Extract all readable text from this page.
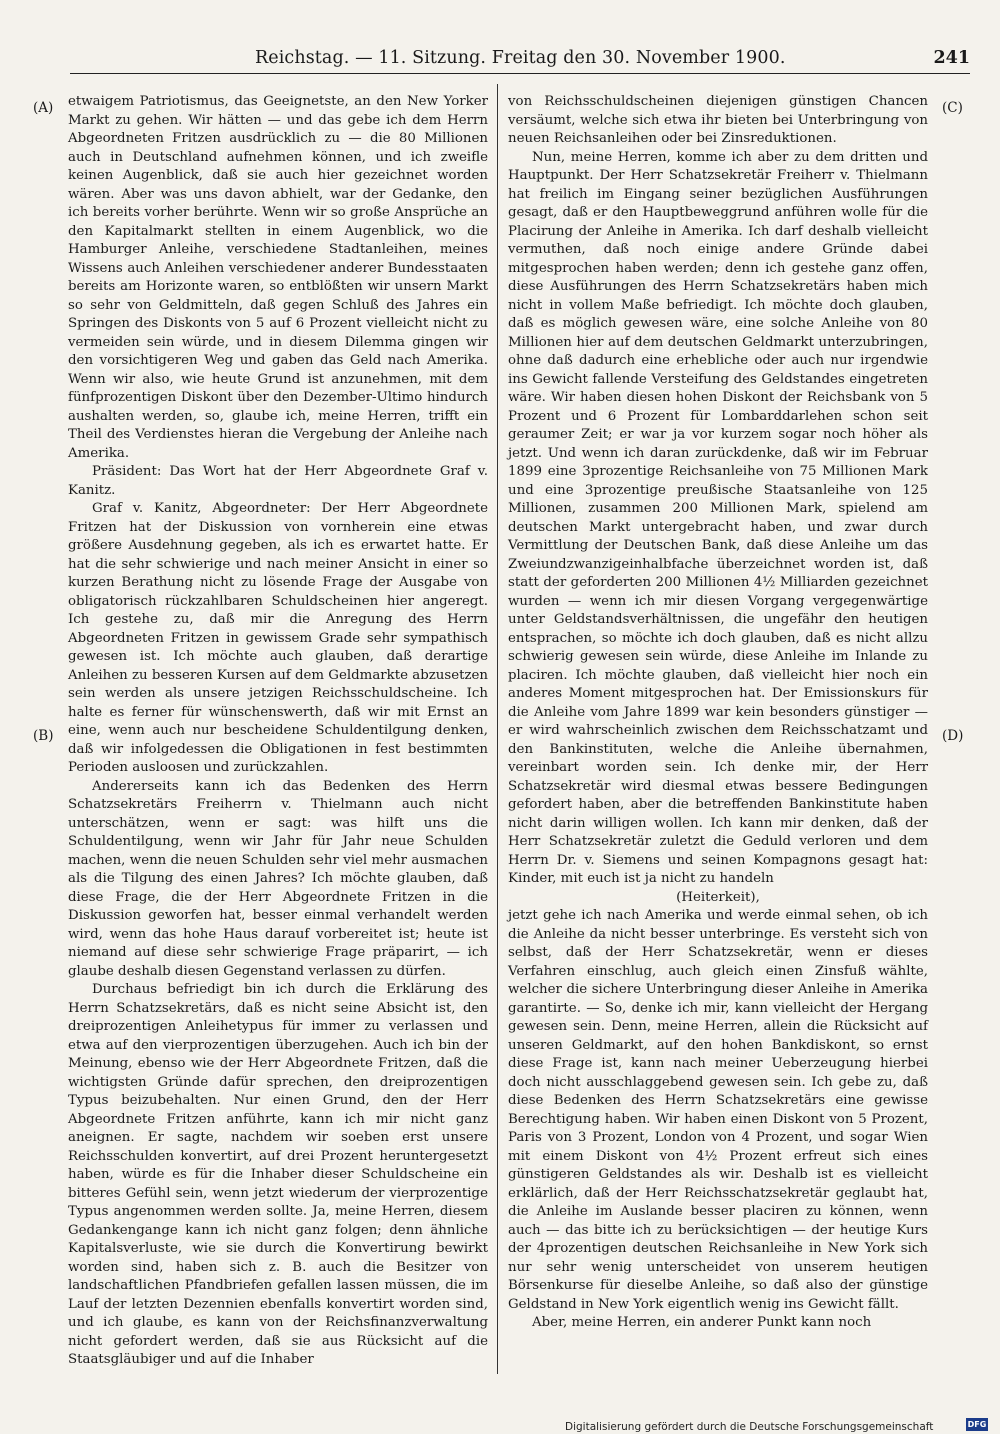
Reichstag. — 11. Sitzung. Freitag den 30. November 1900.	241
(A)
(B)
(C)
(D)

etwaigem Patriotismus, das Geeignetste, an den New Yorker Markt zu gehen. Wir hätten — und das gebe ich dem Herrn Abgeordneten Fritzen ausdrücklich zu — die 80 Millionen auch in Deutschland aufnehmen können, und ich zweifle keinen Augenblick, daß sie auch hier gezeichnet worden wären. Aber was uns davon abhielt, war der Gedanke, den ich bereits vorher berührte. Wenn wir so große Ansprüche an den Kapitalmarkt stellten in einem Augenblick, wo die Hamburger Anleihe, verschiedene Stadtanleihen, meines Wissens auch Anleihen verschiedener anderer Bundesstaaten bereits am Horizonte waren, so entblößten wir unsern Markt so sehr von Geldmitteln, daß gegen Schluß des Jahres ein Springen des Diskonts von 5 auf 6 Prozent vielleicht nicht zu vermeiden sein würde, und in diesem Dilemma gingen wir den vorsichtigeren Weg und gaben das Geld nach Amerika. Wenn wir also, wie heute Grund ist anzunehmen, mit dem fünfprozentigen Diskont über den Dezember-Ultimo hindurch aushalten werden, so, glaube ich, meine Herren, trifft ein Theil des Verdienstes hieran die Vergebung der Anleihe nach Amerika.

Präsident: Das Wort hat der Herr Abgeordnete Graf v. Kanitz.

Graf v. Kanitz, Abgeordneter: Der Herr Abgeordnete Fritzen hat der Diskussion von vornherein eine etwas größere Ausdehnung gegeben, als ich es erwartet hatte. Er hat die sehr schwierige und nach meiner Ansicht in einer so kurzen Berathung nicht zu lösende Frage der Ausgabe von obligatorisch rückzahlbaren Schuldscheinen hier angeregt. Ich gestehe zu, daß mir die Anregung des Herrn Abgeordneten Fritzen in gewissem Grade sehr sympathisch gewesen ist. Ich möchte auch glauben, daß derartige Anleihen zu besseren Kursen auf dem Geldmarkte abzusetzen sein werden als unsere jetzigen Reichsschuldscheine. Ich halte es ferner für wünschenswerth, daß wir mit Ernst an eine, wenn auch nur bescheidene Schuldentilgung denken, daß wir infolgedessen die Obligationen in fest bestimmten Perioden ausloosen und zurückzahlen.

Andererseits kann ich das Bedenken des Herrn Schatzsekretärs Freiherrn v. Thielmann auch nicht unterschätzen, wenn er sagt: was hilft uns die Schuldentilgung, wenn wir Jahr für Jahr neue Schulden machen, wenn die neuen Schulden sehr viel mehr ausmachen als die Tilgung des einen Jahres? Ich möchte glauben, daß diese Frage, die der Herr Abgeordnete Fritzen in die Diskussion geworfen hat, besser einmal verhandelt werden wird, wenn das hohe Haus darauf vorbereitet ist; heute ist niemand auf diese sehr schwierige Frage präparirt, — ich glaube deshalb diesen Gegenstand verlassen zu dürfen.

Durchaus befriedigt bin ich durch die Erklärung des Herrn Schatzsekretärs, daß es nicht seine Absicht ist, den dreiprozentigen Anleihetypus für immer zu verlassen und etwa auf den vierprozentigen überzugehen. Auch ich bin der Meinung, ebenso wie der Herr Abgeordnete Fritzen, daß die wichtigsten Gründe dafür sprechen, den dreiprozentigen Typus beizubehalten. Nur einen Grund, den der Herr Abgeordnete Fritzen anführte, kann ich mir nicht ganz aneignen. Er sagte, nachdem wir soeben erst unsere Reichsschulden konvertirt, auf drei Prozent heruntergesetzt haben, würde es für die Inhaber dieser Schuldscheine ein bitteres Gefühl sein, wenn jetzt wiederum der vierprozentige Typus angenommen werden sollte. Ja, meine Herren, diesem Gedankengange kann ich nicht ganz folgen; denn ähnliche Kapitalsverluste, wie sie durch die Konvertirung bewirkt worden sind, haben sich z. B. auch die Besitzer von landschaftlichen Pfandbriefen gefallen lassen müssen, die im Lauf der letzten Dezennien ebenfalls konvertirt worden sind, und ich glaube, es kann von der Reichsfinanzverwaltung nicht gefordert werden, daß sie aus Rücksicht auf die Staatsgläubiger und auf die Inhaber

von Reichsschuldscheinen diejenigen günstigen Chancen versäumt, welche sich etwa ihr bieten bei Unterbringung von neuen Reichsanleihen oder bei Zinsreduktionen.

Nun, meine Herren, komme ich aber zu dem dritten und Hauptpunkt. Der Herr Schatzsekretär Freiherr v. Thielmann hat freilich im Eingang seiner bezüglichen Ausführungen gesagt, daß er den Hauptbeweggrund anführen wolle für die Placirung der Anleihe in Amerika. Ich darf deshalb vielleicht vermuthen, daß noch einige andere Gründe dabei mitgesprochen haben werden; denn ich gestehe ganz offen, diese Ausführungen des Herrn Schatzsekretärs haben mich nicht in vollem Maße befriedigt. Ich möchte doch glauben, daß es möglich gewesen wäre, eine solche Anleihe von 80 Millionen hier auf dem deutschen Geldmarkt unterzubringen, ohne daß dadurch eine erhebliche oder auch nur irgendwie ins Gewicht fallende Versteifung des Geldstandes eingetreten wäre. Wir haben diesen hohen Diskont der Reichsbank von 5 Prozent und 6 Prozent für Lombarddarlehen schon seit geraumer Zeit; er war ja vor kurzem sogar noch höher als jetzt. Und wenn ich daran zurückdenke, daß wir im Februar 1899 eine 3prozentige Reichsanleihe von 75 Millionen Mark und eine 3prozentige preußische Staatsanleihe von 125 Millionen, zusammen 200 Millionen Mark, spielend am deutschen Markt untergebracht haben, und zwar durch Vermittlung der Deutschen Bank, daß diese Anleihe um das Zweiundzwanzigeinhalbfache überzeichnet worden ist, daß statt der geforderten 200 Millionen 4½ Milliarden gezeichnet wurden — wenn ich mir diesen Vorgang vergegenwärtige unter Geldstandsverhältnissen, die ungefähr den heutigen entsprachen, so möchte ich doch glauben, daß es nicht allzu schwierig gewesen sein würde, diese Anleihe im Inlande zu placiren. Ich möchte glauben, daß vielleicht hier noch ein anderes Moment mitgesprochen hat. Der Emissionskurs für die Anleihe vom Jahre 1899 war kein besonders günstiger — er wird wahrscheinlich zwischen dem Reichsschatzamt und den Bankinstituten, welche die Anleihe übernahmen, vereinbart worden sein. Ich denke mir, der Herr Schatzsekretär wird diesmal etwas bessere Bedingungen gefordert haben, aber die betreffenden Bankinstitute haben nicht darin willigen wollen. Ich kann mir denken, daß der Herr Schatzsekretär zuletzt die Geduld verloren und dem Herrn Dr. v. Siemens und seinen Kompagnons gesagt hat: Kinder, mit euch ist ja nicht zu handeln

(Heiterkeit),

jetzt gehe ich nach Amerika und werde einmal sehen, ob ich die Anleihe da nicht besser unterbringe. Es versteht sich von selbst, daß der Herr Schatzsekretär, wenn er dieses Verfahren einschlug, auch gleich einen Zinsfuß wählte, welcher die sichere Unterbringung dieser Anleihe in Amerika garantirte. — So, denke ich mir, kann vielleicht der Hergang gewesen sein. Denn, meine Herren, allein die Rücksicht auf unseren Geldmarkt, auf den hohen Bankdiskont, so ernst diese Frage ist, kann nach meiner Ueberzeugung hierbei doch nicht ausschlaggebend gewesen sein. Ich gebe zu, daß diese Bedenken des Herrn Schatzsekretärs eine gewisse Berechtigung haben. Wir haben einen Diskont von 5 Prozent, Paris von 3 Prozent, London von 4 Prozent, und sogar Wien mit einem Diskont von 4½ Prozent erfreut sich eines günstigeren Geldstandes als wir. Deshalb ist es vielleicht erklärlich, daß der Herr Reichsschatzsekretär geglaubt hat, die Anleihe im Auslande besser placiren zu können, wenn auch — das bitte ich zu berücksichtigen — der heutige Kurs der 4prozentigen deutschen Reichsanleihe in New York sich nur sehr wenig unterscheidet von unserem heutigen Börsenkurse für dieselbe Anleihe, so daß also der günstige Geldstand in New York eigentlich wenig ins Gewicht fällt.

Aber, meine Herren, ein anderer Punkt kann noch

Digitalisierung gefördert durch die Deutsche Forschungsgemeinschaft	DFG
